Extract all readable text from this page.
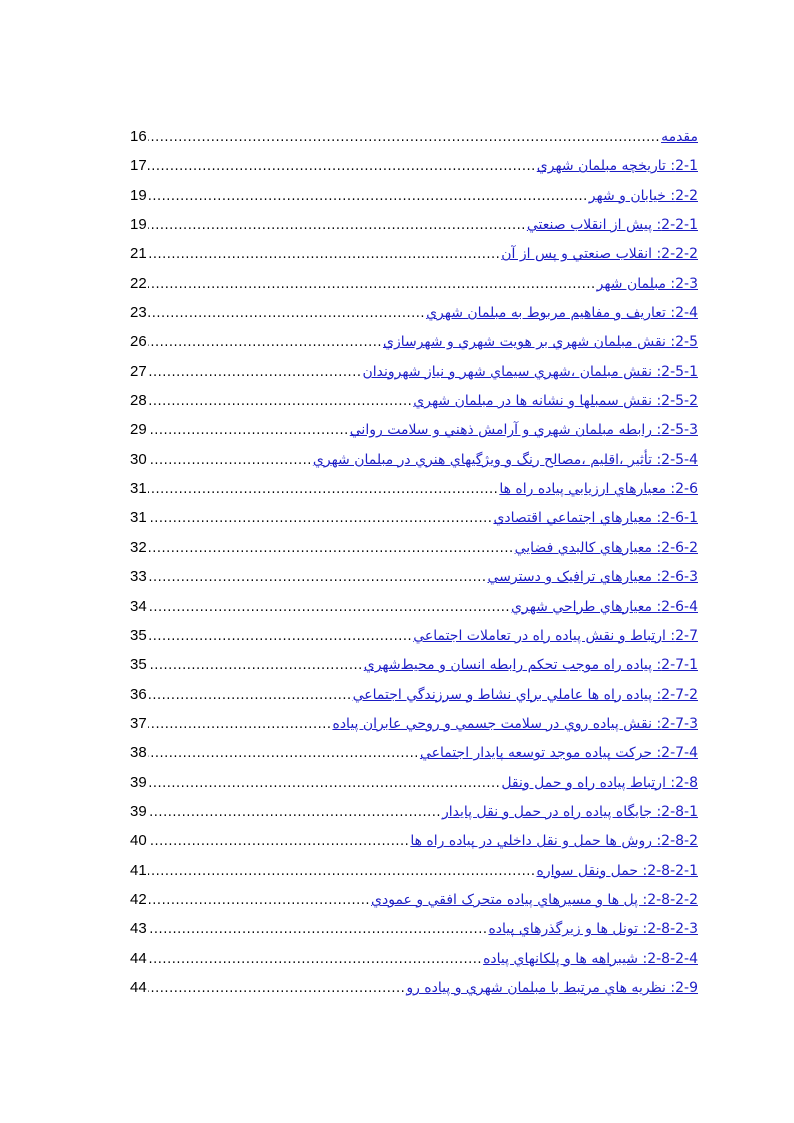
مقدمه
.....
16
2-1: تاريخچه مبلمان شهري
.....
17
2-2: خيابان و شهر
.....
19
2-2-1: پيش از انقلاب صنعتي
.....
19
2-2-2: انقلاب صنعتي و پس از آن
.....
21
2-3: مبلمان شهر
.....
22
2-4: تعاريف و مفاهيم مربوط به مبلمان شهري
.....
23
2-5: نقش مبلمان شهري بر هويت شهري و شهرسازي
.....
26
2-5-1: نقش مبلمان ،شهري سيماي شهر و نياز شهروندان
.....
27
2-5-2: نقش سمبلها و نشانه ها در مبلمان شهري
.....
28
2-5-3: رابطه مبلمان شهري و آرامش ذهني و سلامت رواني
.....
29
2-5-4: تأثير ،اقليم ،مصالح رنگ و ويژگيهاي هنري در مبلمان شهري
.....
30
2-6: معيارهاي ارزيابي پياده راه ها
.....
31
2-6-1: معيارهاي اجتماعي اقتصادي
.....
31
2-6-2: معيارهاي كالبدي فضايي
.....
32
2-6-3: معيارهاي ترافيک و دسترسي
.....
33
2-6-4: معيارهاي طراحي شهري
.....
34
2-7: ارتباط و نقش پياده راه در تعاملات اجتماعي
.....
35
2-7-1: پياده راه موجب تحکم رابطه انسان و محيط‌شهري
.....
35
2-7-2: پياده راه ها عاملي براي نشاط و سرزندگي اجتماعي
.....
36
2-7-3: نقش پياده روي در سلامت جسمي و روحي عابران پياده
.....
37
2-7-4: حرکت پياده موجد توسعه پايدار اجتماعي
.....
38
2-8: ارتباط پياده راه و حمل ونقل
.....
39
2-8-1: جايگاه پياده راه در حمل و نقل پايدار
.....
39
2-8-2: روش ها حمل و نقل داخلي در پياده راه ها
.....
40
2-8-2-1: حمل ونقل سواره
.....
41
2-8-2-2: پل ها و مسيرهاي پياده متحرک افقي و عمودي
.....
42
2-8-2-3: تونل ها و زيرگذرهاي پياده
.....
43
2-8-2-4: شيبراهه ها و پلکانهاي پياده
.....
44
2-9: نظريه هاي مرتبط با مبلمان شهري و پياده رو
.....
44
